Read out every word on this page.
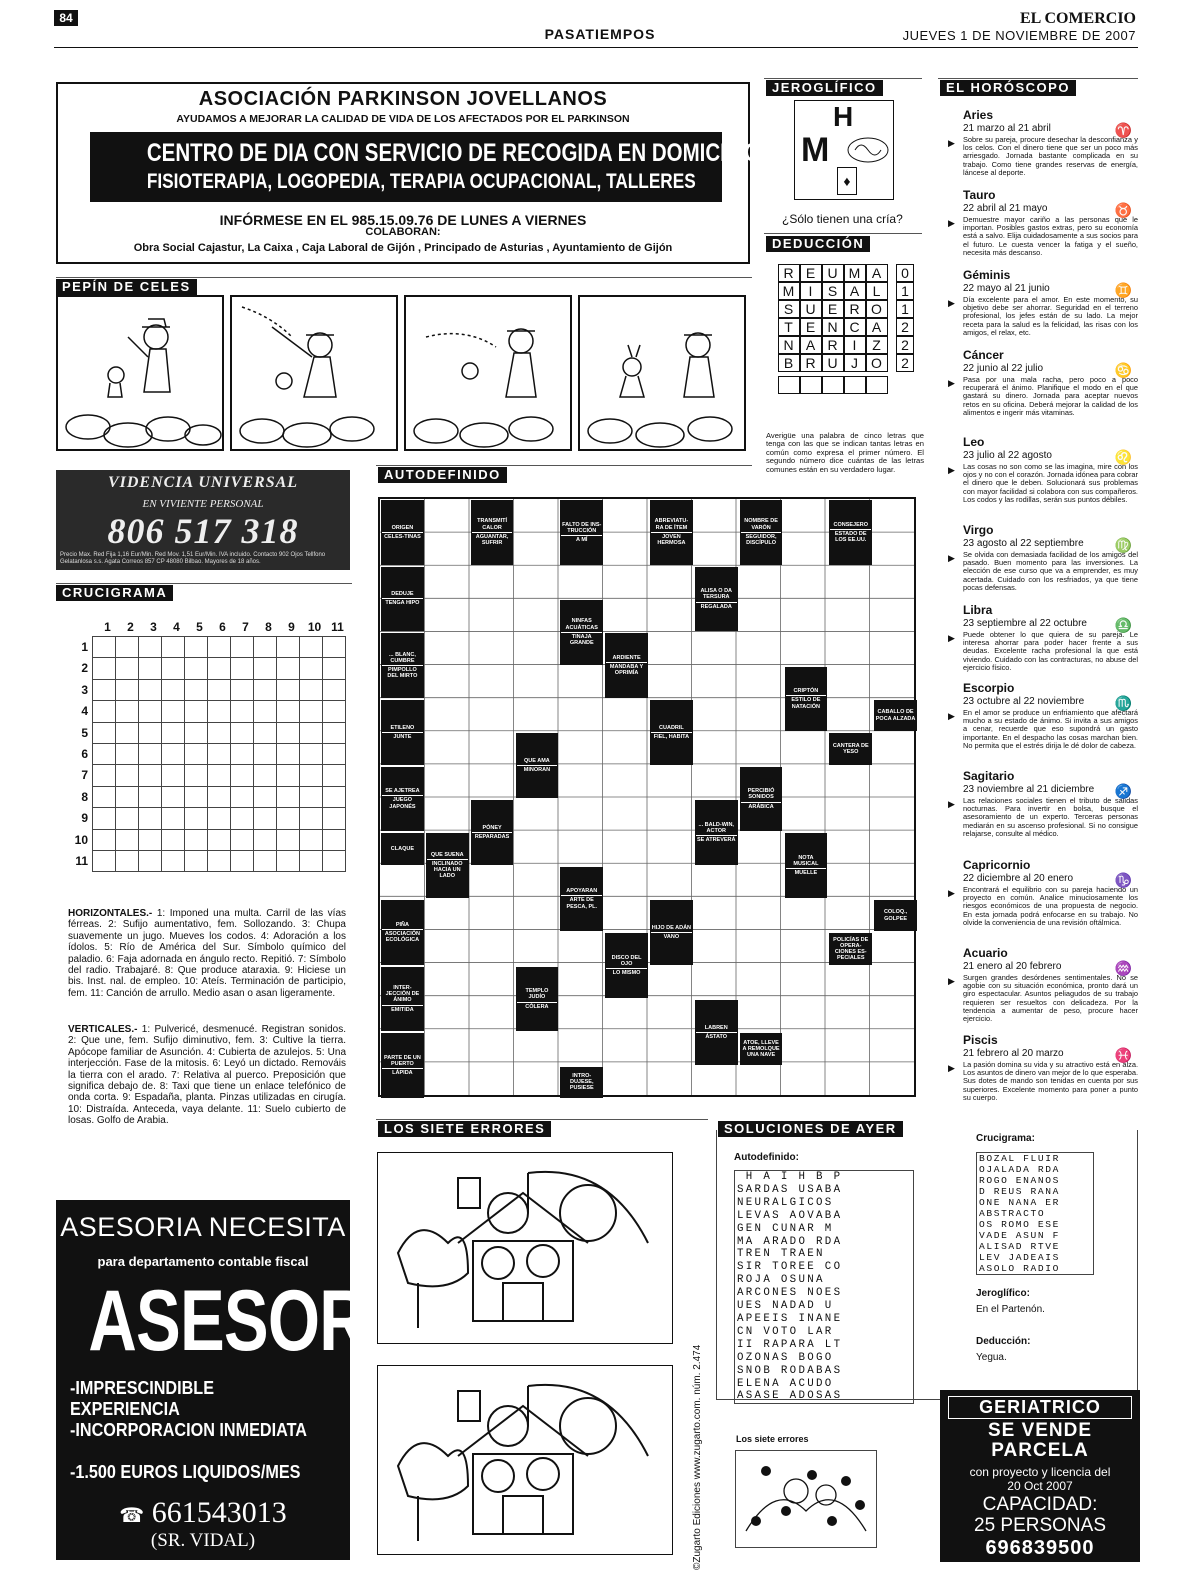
84
PASATIEMPOS
EL COMERCIO
JUEVES 1 DE NOVIEMBRE DE 2007
ASOCIACIÓN PARKINSON JOVELLANOS
AYUDAMOS A MEJORAR LA CALIDAD DE VIDA DE LOS AFECTADOS POR EL PARKINSON
CENTRO DE DIA CON SERVICIO DE RECOGIDA EN DOMICILIO
FISIOTERAPIA, LOGOPEDIA, TERAPIA OCUPACIONAL, TALLERES
INFÓRMESE EN EL 985.15.09.76 DE LUNES A VIERNES
COLABORAN:
Obra Social Cajastur, La Caixa , Caja Laboral de Gijón , Principado de Asturias , Ayuntamiento de Gijón
PEPÍN DE CELES
VIDENCIA UNIVERSAL
EN VIVIENTE PERSONAL
806 517 318
Precio Max. Red Fija 1,16 Eur/Min. Red Mov. 1,51 Eur/Min. IVA incluido. Contacto 902 Ojos Tellfono Gelatanlosa s.s. Agata Correos 857 CP 48080 Bilbao. Mayores de 18 años.
CRUCIGRAMA
1	2	3	4	5	6	7	8	9	10 11
1
2
3
4
5
6
7
8
9
10
11

HORIZONTALES.- 1: Imponed una multa. Carril de las vías férreas. 2: Sufijo aumentativo, fem. Sollozando. 3: Chupa suavemente un jugo. Mueves los codos. 4: Adoración a los ídolos. 5: Río de América del Sur. Símbolo químico del paladio. 6: Faja adornada en ángulo recto. Repitió. 7: Símbolo del radio. Trabajaré. 8: Que produce ataraxia. 9: Hiciese un bis. Inst. nal. de empleo. 10: Ateís. Terminación de participio, fem. 11: Canción de arrullo. Medio asan o asan ligeramente.
VERTICALES.- 1: Pulvericé, desmenucé. Registran sonidos. 2: Que une, fem. Sufijo diminutivo, fem. 3: Cultive la tierra. Apócope familiar de Asunción. 4: Cubierta de azulejos. 5: Una interjección. Fase de la mitosis. 6: Leyó un dictado. Remováis la tierra con el arado. 7: Relativa al puerco. Preposición que significa debajo de. 8: Taxi que tiene un enlace telefónico de onda corta. 9: Espadaña, planta. Pinzas utilizadas en cirugía. 10: Distraída. Anteceda, vaya delante. 11: Suelo cubierto de losas. Golfo de Arabia.
ASESORIA NECESITA
para departamento contable fiscal
ASESOR
-IMPRESCINDIBLE EXPERIENCIA
-INCORPORACION INMEDIATA
-1.500 EUROS LIQUIDOS/MES
☎ 661543013
(SR. VIDAL)
AUTODEFINIDO
ORIGEN
CELES-TINAS
TRANSMITÍ CALOR
AGUANTAR, SUFRIR
FALTO DE INS-TRUCCIÓN
A MÍ
ABREVIATU-RA DE ÍTEM
JOVEN HERMOSA
NOMBRE DE VARÓN
SEGUIDOR, DISCÍPULO
CONSEJERO
ESTADO DE LOS EE.UU.
DEDUJE
TENGA HIPO
ALISA O DA TERSURA
REGALADA
NINFAS ACUÁTICAS
TINAJA GRANDE
... BLANC, CUMBRE
PIMPOLLO DEL MIRTO
ARDIENTE
MANDABA Y OPRIMÍA
CRIPTÓN
ESTILO DE NATACIÓN
ETILENO
JUNTE
CUADRIL
FIEL, HABITA
CABALLO DE POCA ALZADA
QUE AMA
MINORAN
CANTERA DE YESO
SE AJETREA
JUEGO JAPONÉS
PERCIBIÓ SONIDOS
ARÁBICA
PÓNEY
REPARADAS
... BALD-WIN, ACTOR
SE ATREVERÁ
CLAQUE
QUE SUENA
INCLINADO HACIA UN LADO
NOTA MUSICAL
MUELLE
APOYARAN
ARTE DE PESCA, PL.
PIÑA
ASOCIACIÓN ECOLÓGICA
HIJO DE ADÁN
VANO
COLOQ., GOLPEE
DISCO DEL OJO
LO MISMO
POLICÍAS DE OPERA-CIONES ES-PECIALES
INTER-JECCIÓN DE ÁNIMO
EMITIDA
TEMPLO JUDÍO
CÓLERA
LABREN
ÁSTATO
PARTE DE UN PUERTO
LÁPIDA
ATOE, LLEVE A REMOLQUE UNA NAVE
INTRO-DUJESE, PUSIESE
JEROGLÍFICO
H
M
♦
¿Sólo tienen una cría?
DEDUCCIÓN
R E U M A	0
M I	S A L	1
S U E R O	1
T E N C A	2
N A R I	Z	2
B R U J O	2
Averigüe una palabra de cinco letras que tenga con las que se indican tantas letras en común como expresa el primer número. El segundo número dice cuántas de las letras comunes están en su verdadero lugar.
EL HORÓSCOPO
Aries
21 marzo al 21 abril	♈
▶ Sobre su pareja, procure desechar la desconfianza y los celos. Con el dinero tiene que ser un poco más arriesgado. Jornada bastante complicada en su trabajo. Como tiene grandes reservas de energía, láncese al deporte.
Tauro
22 abril al 21 mayo	♉
▶ Demuestre mayor cariño a las personas que le importan. Posibles gastos extras, pero su economía está a salvo. Elija cuidadosamente a sus socios para el futuro. Le cuesta vencer la fatiga y el sueño, necesita más descanso.
Géminis
22 mayo al 21 junio	♊
▶ Día excelente para el amor. En este momento, su objetivo debe ser ahorrar. Seguridad en el terreno profesional, los jefes están de su lado. La mejor receta para la salud es la felicidad, las risas con los amigos, el relax, etc.
Cáncer
22 junio al 22 julio	♋
▶ Pasa por una mala racha, pero poco a poco recuperará el ánimo. Planifique el modo en el que gastará su dinero. Jornada para aceptar nuevos retos en su oficina. Deberá mejorar la calidad de los alimentos e ingerir más vitaminas.
Leo
23 julio al 22 agosto	♌
▶ Las cosas no son como se las imagina, mire con los ojos y no con el corazón. Jornada idónea para cobrar el dinero que le deben. Solucionará sus problemas con mayor facilidad si colabora con sus compañeros. Los codos y las rodillas, serán sus puntos débiles.
Virgo
23 agosto al 22 septiembre	♍
▶ Se olvida con demasiada facilidad de los amigos del pasado. Buen momento para las inversiones. La elección de ese curso que va a emprender, es muy acertada. Cuidado con los resfriados, ya que tiene pocas defensas.
Libra
23 septiembre al 22 octubre	♎
▶ Puede obtener lo que quiera de su pareja. Le interesa ahorrar para poder hacer frente a sus deudas. Excelente racha profesional la que está viviendo. Cuidado con las contracturas, no abuse del ejercicio físico.
Escorpio
23 octubre al 22 noviembre	♏
▶ En el amor se produce un enfriamiento que afectará mucho a su estado de ánimo. Si invita a sus amigos a cenar, recuerde que eso supondrá un gasto importante. En el despacho las cosas marchan bien. No permita que el estrés dirija le dé dolor de cabeza.
Sagitario
23 noviembre al 21 diciembre	♐
▶ Las relaciones sociales tienen el tributo de salidas nocturnas. Para invertir en bolsa, busque el asesoramiento de un experto. Terceras personas mediarán en su ascenso profesional. Si no consigue relajarse, consulte al médico.
Capricornio
22 diciembre al 20 enero	♑
▶ Encontrará el equilibrio con su pareja haciendo un proyecto en común. Analice minuciosamente los riesgos económicos de una propuesta de negocio. En esta jornada podrá enfocarse en su trabajo. No olvide la conveniencia de una revisión oftálmica.
Acuario
21 enero al 20 febrero	♒
▶ Surgen grandes desórdenes sentimentales. No se agobie con su situación económica, pronto dará un giro espectacular. Asuntos peliagudos de su trabajo requieren ser resueltos con delicadeza. Por la tendencia a aumentar de peso, procure hacer ejercicio.
Piscis
21 febrero al 20 marzo	♓
▶ La pasión domina su vida y su atractivo está en alza. Los asuntos de dinero van mejor de lo que esperaba. Sus dotes de mando son tenidas en cuenta por sus superiores. Excelente momento para poner a punto su cuerpo.
LOS SIETE ERRORES
©Zugarto Ediciones www.zugarto.com. núm. 2.474
SOLUCIONES DE AYER
Autodefinido:
H A I H B P
SARDAS USABA
NEURALGICOS
LEVAS AOVABA
GEN CUNAR M
MA ARADO RDA
TREN TRAEN
SIR TOREE CO
ROJA OSUNA
ARCONES NOES
UES NADAD U
APEEIS INANE
CN VOTO LAR
II RAPARA LT
OZONAS BOGO
SNOB RODABAS
ELENA ACUDO
ASASE ADOSAS
Crucigrama:
BOZAL FLUIR
OJALADA RDA
ROGO ENANOS
D REUS RANA
ONE NANA ER
ABSTRACTO
OS ROMO ESE
VADE ASUN F
ALISAD RTVE
LEV JADEAIS
ASOLO RADIO
Jeroglífico:
En el Partenón.
Deducción:
Yegua.
Los siete errores
GERIATRICO
SE VENDE
PARCELA
con proyecto y licencia del
20 Oct 2007
CAPACIDAD:
25 PERSONAS
696839500
